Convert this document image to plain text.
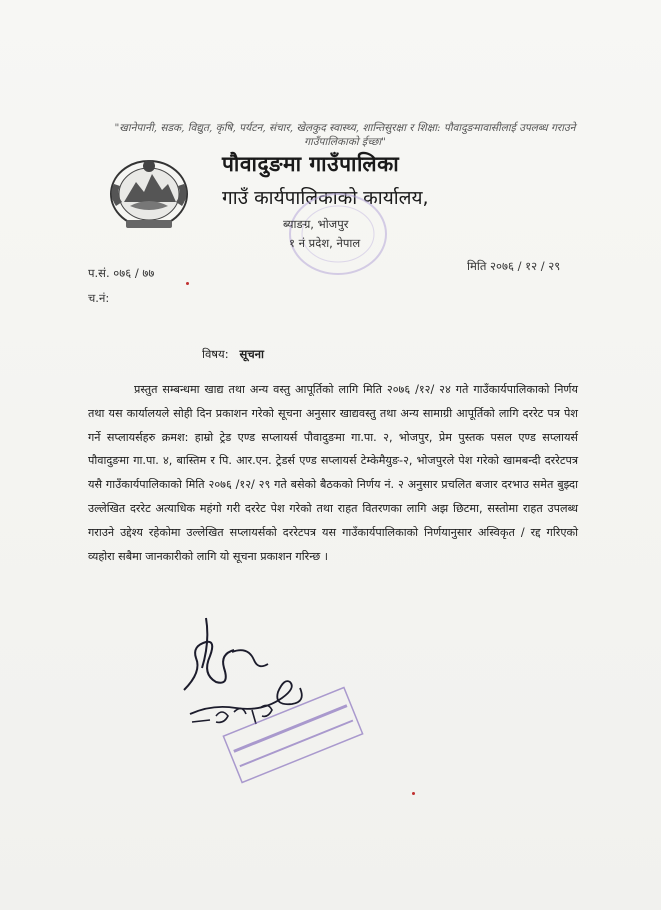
"खानेपानी, सडक, विद्युत, कृषि, पर्यटन, संचार, खेलकुद स्वास्थ्य, शान्तिसुरक्षा र शिक्षा: पौवादुङमावासीलाई उपलब्ध गराउने गाउँपालिकाको ईच्छा"
पौवादुङमा गाउँपालिका
गाउँ कार्यपालिकाको कार्यालय,
ब्याङग्र, भोजपुर
१ नं प्रदेश, नेपाल
प.सं. ०७६ / ७७	मिति २०७६ / १२ / २९
च.नं:
विषय: सूचना

प्रस्तुत सम्बन्धमा खाद्य तथा अन्य वस्तु आपूर्तिको लागि मिति २०७६ /१२/ २४ गते गाउँकार्यपालिकाको निर्णय तथा यस कार्यालयले सोही दिन प्रकाशन गरेको सूचना अनुसार खाद्यवस्तु तथा अन्य सामाग्री आपूर्तिको लागि दररेट पत्र पेश गर्ने सप्लायर्सहरु क्रमश: हाम्रो ट्रेड एण्ड सप्लायर्स पौवादुङमा गा.पा. २, भोजपुर, प्रेम पुस्तक पसल एण्ड सप्लायर्स पौवादुङमा गा.पा. ४, बास्तिम र पि. आर.एन. ट्रेडर्स एण्ड सप्लायर्स टेम्केमैयुङ-२, भोजपुरले पेश गरेको खामबन्दी दररेटपत्र यसै गाउँकार्यपालिकाको मिति २०७६ /१२/ २९ गते बसेको बैठकको निर्णय नं. २ अनुसार प्रचलित बजार दरभाउ समेत बुझ्दा उल्लेखित दररेट अत्याधिक महंगो गरी दररेट पेश गरेको तथा राहत वितरणका लागि अझ छिटमा, सस्तोमा राहत उपलब्ध गराउने उद्देश्य रहेकोमा उल्लेखित सप्लायर्सको दररेटपत्र यस गाउँकार्यपालिकाको निर्णयानुसार अस्विकृत / रद्द गरिएको व्यहोरा सबैमा जानकारीको लागि यो सूचना प्रकाशन गरिन्छ ।
